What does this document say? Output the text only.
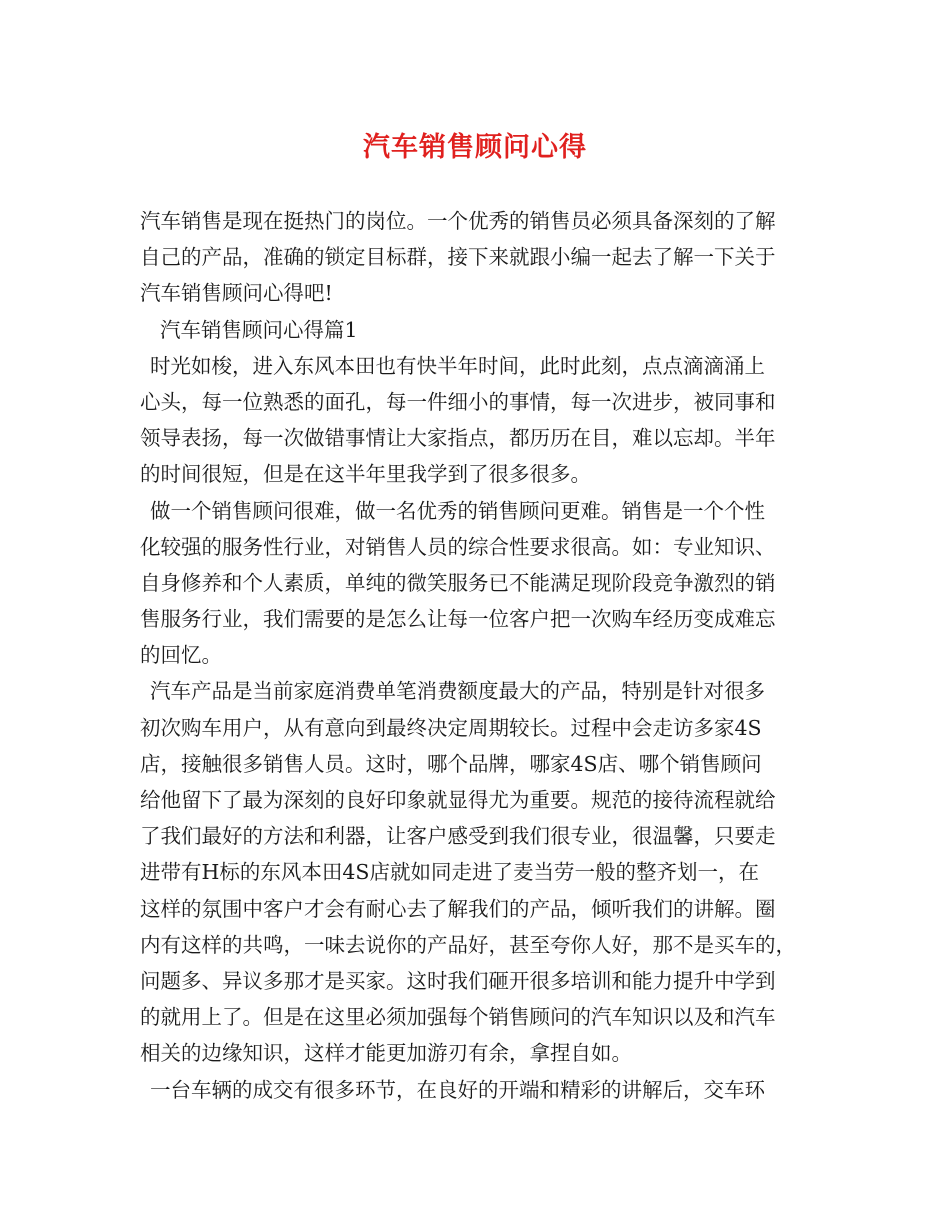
汽车销售顾问心得
汽车销售是现在挺热门的岗位。一个优秀的销售员必须具备深刻的了解
自己的产品，准确的锁定目标群，接下来就跟小编一起去了解一下关于
汽车销售顾问心得吧!
汽车销售顾问心得篇1
时光如梭，进入东风本田也有快半年时间，此时此刻，点点滴滴涌上
心头，每一位熟悉的面孔，每一件细小的事情，每一次进步，被同事和
领导表扬，每一次做错事情让大家指点，都历历在目，难以忘却。半年
的时间很短，但是在这半年里我学到了很多很多。
做一个销售顾问很难，做一名优秀的销售顾问更难。销售是一个个性
化较强的服务性行业，对销售人员的综合性要求很高。如：专业知识、
自身修养和个人素质，单纯的微笑服务已不能满足现阶段竞争激烈的销
售服务行业，我们需要的是怎么让每一位客户把一次购车经历变成难忘
的回忆。
汽车产品是当前家庭消费单笔消费额度最大的产品，特别是针对很多
初次购车用户，从有意向到最终决定周期较长。过程中会走访多家4S
店，接触很多销售人员。这时，哪个品牌，哪家4S店、哪个销售顾问
给他留下了最为深刻的良好印象就显得尤为重要。规范的接待流程就给
了我们最好的方法和利器，让客户感受到我们很专业，很温馨，只要走
进带有H标的东风本田4S店就如同走进了麦当劳一般的整齐划一，在
这样的氛围中客户才会有耐心去了解我们的产品，倾听我们的讲解。圈
内有这样的共鸣，一味去说你的产品好，甚至夸你人好，那不是买车的，
问题多、异议多那才是买家。这时我们砸开很多培训和能力提升中学到
的就用上了。但是在这里必须加强每个销售顾问的汽车知识以及和汽车
相关的边缘知识，这样才能更加游刃有余，拿捏自如。
一台车辆的成交有很多环节，在良好的开端和精彩的讲解后，交车环
